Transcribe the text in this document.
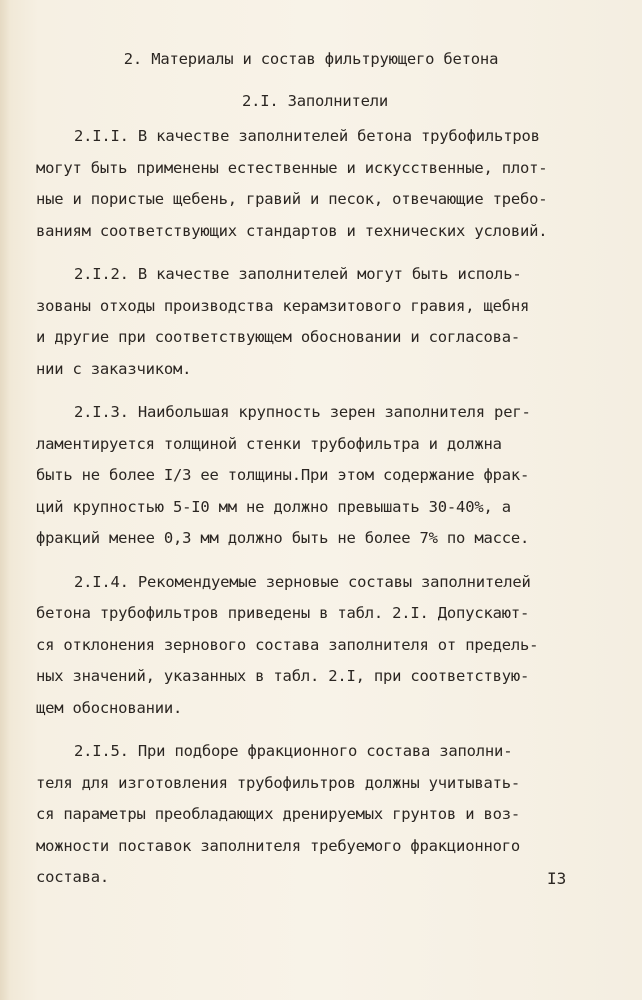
2. Материалы и состав фильтрующего бетона
2.I. Заполнители
2.I.I. В качестве заполнителей бетона трубофильтров
могут быть применены естественные и искусственные, плот-
ные и пористые щебень, гравий и песок, отвечающие требо-
ваниям соответствующих стандартов и технических условий.
2.I.2. В качестве заполнителей могут быть исполь-
зованы отходы производства керамзитового гравия, щебня
и другие при соответствующем обосновании и согласова-
нии с заказчиком.
2.I.3. Наибольшая крупность зерен заполнителя рег-
ламентируется толщиной стенки трубофильтра и должна
быть не более I/3 ее толщины.При этом содержание фрак-
ций крупностью 5-I0 мм не должно превышать 30-40%, а
фракций менее 0,3 мм должно быть не более 7% по массе.
2.I.4. Рекомендуемые зерновые составы заполнителей
бетона трубофильтров приведены в табл. 2.I. Допускают-
ся отклонения зернового состава заполнителя от предель-
ных значений, указанных в табл. 2.I, при соответствую-
щем обосновании.
2.I.5. При подборе фракционного состава заполни-
теля для изготовления трубофильтров должны учитывать-
ся параметры преобладающих дренируемых грунтов и воз-
можности поставок заполнителя требуемого фракционного
состава.	I3
